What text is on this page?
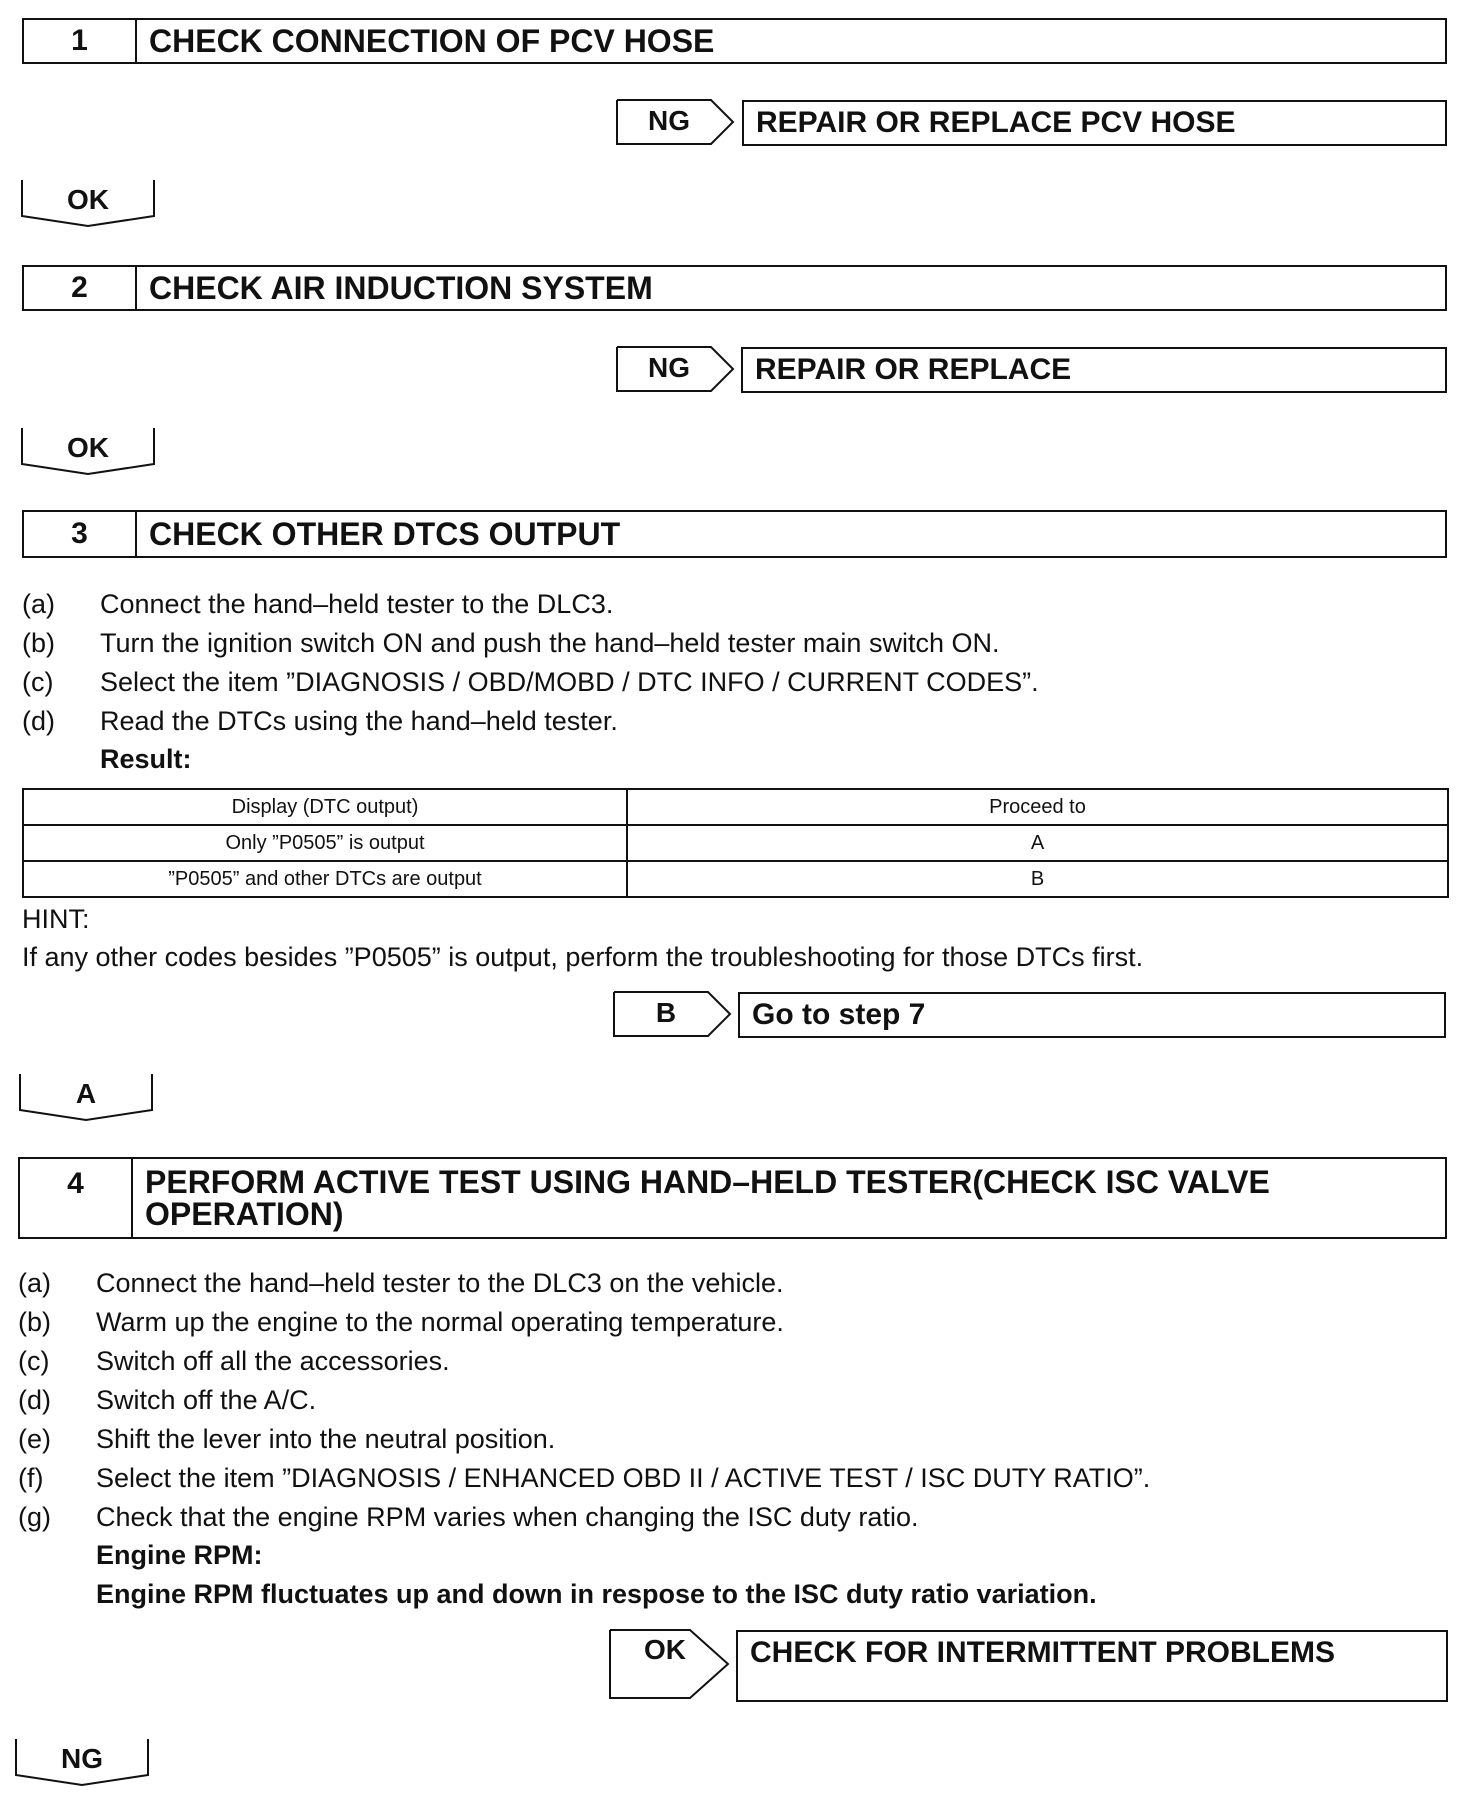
1	CHECK CONNECTION OF PCV HOSE
NG	REPAIR OR REPLACE PCV HOSE
OK
2	CHECK AIR INDUCTION SYSTEM
NG	REPAIR OR REPLACE
OK
3	CHECK OTHER DTCS OUTPUT
(a) Connect the hand–held tester to the DLC3.
(b) Turn the ignition switch ON and push the hand–held tester main switch ON.
(c) Select the item ”DIAGNOSIS / OBD/MOBD / DTC INFO / CURRENT CODES”.
(d) Read the DTCs using the hand–held tester.
Result:
Display (DTC output)	Proceed to
Only ”P0505” is output	A
”P0505” and other DTCs are output	B
HINT:
If any other codes besides ”P0505” is output, perform the troubleshooting for those DTCs first.
B	Go to step 7
A
4	PERFORM ACTIVE TEST USING HAND–HELD TESTER(CHECK ISC VALVE
OPERATION)
(a) Connect the hand–held tester to the DLC3 on the vehicle.
(b) Warm up the engine to the normal operating temperature.
(c) Switch off all the accessories.
(d) Switch off the A/C.
(e) Shift the lever into the neutral position.
(f) Select the item ”DIAGNOSIS / ENHANCED OBD II / ACTIVE TEST / ISC DUTY RATIO”.
(g) Check that the engine RPM varies when changing the ISC duty ratio.
Engine RPM:
Engine RPM fluctuates up and down in respose to the ISC duty ratio variation.
OK	CHECK FOR INTERMITTENT PROBLEMS
NG
